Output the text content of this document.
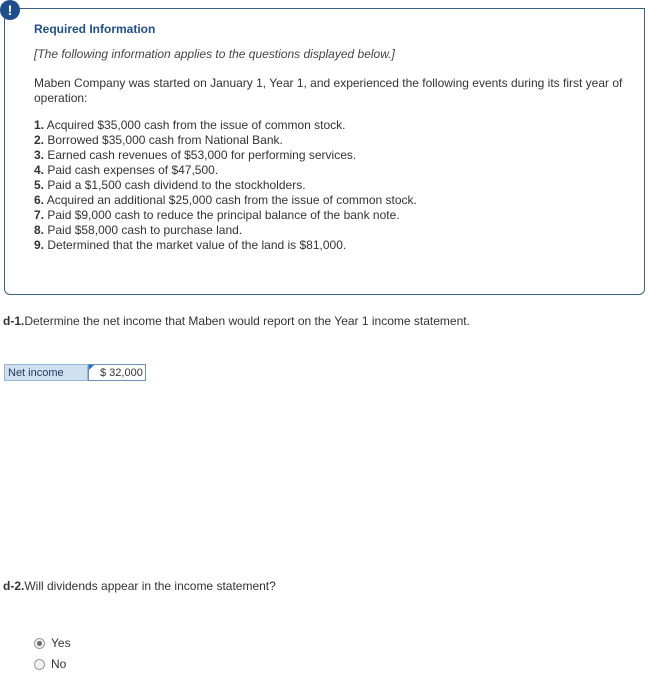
!
Required Information
[The following information applies to the questions displayed below.]
Maben Company was started on January 1, Year 1, and experienced the following events during its first year of operation:
1. Acquired $35,000 cash from the issue of common stock.
2. Borrowed $35,000 cash from National Bank.
3. Earned cash revenues of $53,000 for performing services.
4. Paid cash expenses of $47,500.
5. Paid a $1,500 cash dividend to the stockholders.
6. Acquired an additional $25,000 cash from the issue of common stock.
7. Paid $9,000 cash to reduce the principal balance of the bank note.
8. Paid $58,000 cash to purchase land.
9. Determined that the market value of the land is $81,000.
d-1.Determine the net income that Maben would report on the Year 1 income statement.
Net income	$ 32,000
d-2.Will dividends appear in the income statement?
Yes
No
